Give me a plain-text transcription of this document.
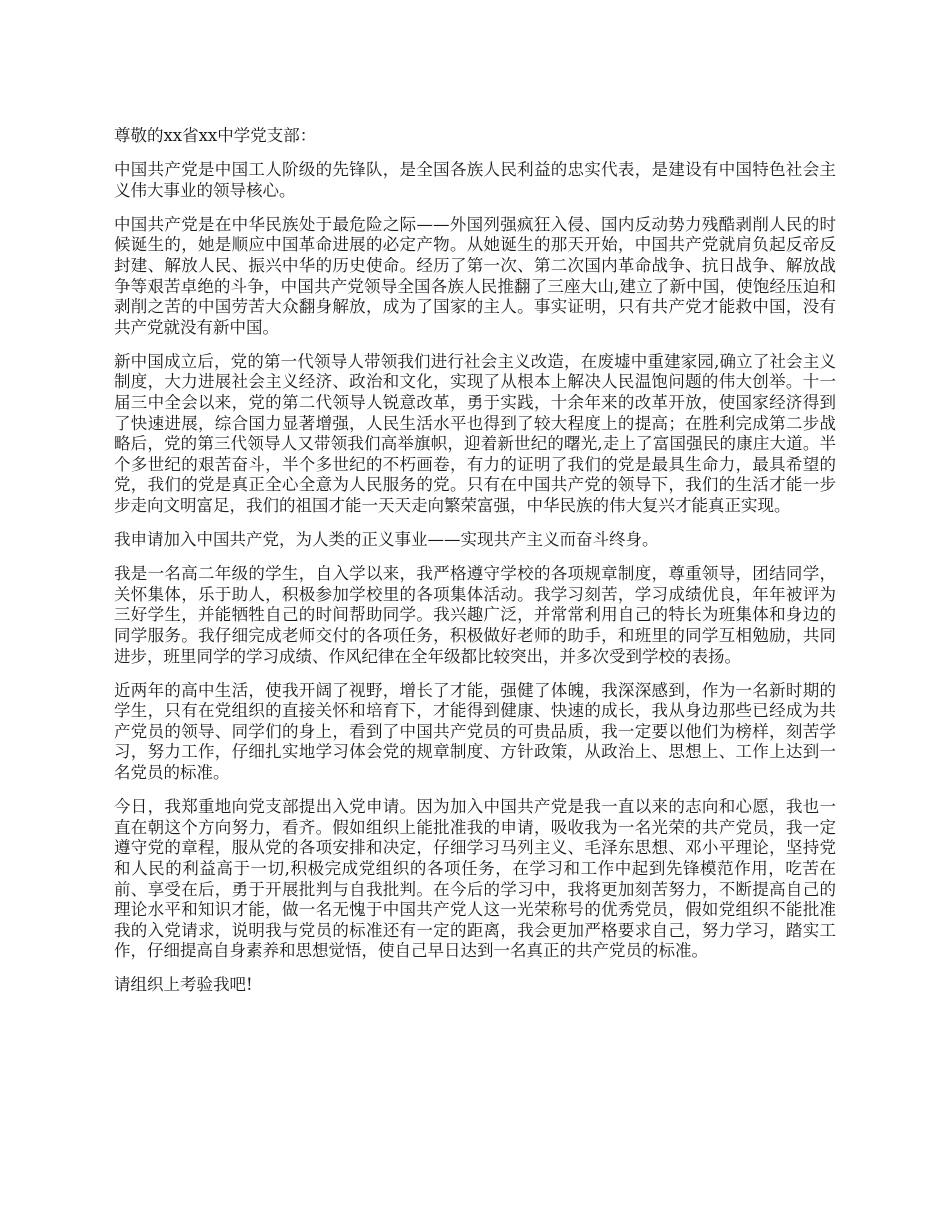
尊敬的xx省xx中学党支部：

中国共产党是中国工人阶级的先锋队，是全国各族人民利益的忠实代表，是建设有中国特色社会主义伟大事业的领导核心。

中国共产党是在中华民族处于最危险之际——外国列强疯狂入侵、国内反动势力残酷剥削人民的时候诞生的，她是顺应中国革命进展的必定产物。从她诞生的那天开始，中国共产党就肩负起反帝反封建、解放人民、振兴中华的历史使命。经历了第一次、第二次国内革命战争、抗日战争、解放战争等艰苦卓绝的斗争，中国共产党领导全国各族人民推翻了三座大山,建立了新中国，使饱经压迫和剥削之苦的中国劳苦大众翻身解放，成为了国家的主人。事实证明，只有共产党才能救中国，没有共产党就没有新中国。

新中国成立后，党的第一代领导人带领我们进行社会主义改造，在废墟中重建家园,确立了社会主义制度，大力进展社会主义经济、政治和文化，实现了从根本上解决人民温饱问题的伟大创举。十一届三中全会以来，党的第二代领导人锐意改革，勇于实践，十余年来的改革开放，使国家经济得到了快速进展，综合国力显著增强，人民生活水平也得到了较大程度上的提高；在胜利完成第二步战略后，党的第三代领导人又带领我们高举旗帜，迎着新世纪的曙光,走上了富国强民的康庄大道。半个多世纪的艰苦奋斗，半个多世纪的不朽画卷，有力的证明了我们的党是最具生命力，最具希望的党，我们的党是真正全心全意为人民服务的党。只有在中国共产党的领导下，我们的生活才能一步步走向文明富足，我们的祖国才能一天天走向繁荣富强，中华民族的伟大复兴才能真正实现。

我申请加入中国共产党，为人类的正义事业——实现共产主义而奋斗终身。

我是一名高二年级的学生，自入学以来，我严格遵守学校的各项规章制度，尊重领导，团结同学，关怀集体，乐于助人，积极参加学校里的各项集体活动。我学习刻苦，学习成绩优良，年年被评为三好学生，并能牺牲自己的时间帮助同学。我兴趣广泛，并常常利用自己的特长为班集体和身边的同学服务。我仔细完成老师交付的各项任务，积极做好老师的助手，和班里的同学互相勉励，共同进步，班里同学的学习成绩、作风纪律在全年级都比较突出，并多次受到学校的表扬。

近两年的高中生活，使我开阔了视野，增长了才能，强健了体魄，我深深感到，作为一名新时期的学生，只有在党组织的直接关怀和培育下，才能得到健康、快速的成长，我从身边那些已经成为共产党员的领导、同学们的身上，看到了中国共产党员的可贵品质，我一定要以他们为榜样，刻苦学习，努力工作，仔细扎实地学习体会党的规章制度、方针政策，从政治上、思想上、工作上达到一名党员的标准。

今日，我郑重地向党支部提出入党申请。因为加入中国共产党是我一直以来的志向和心愿，我也一直在朝这个方向努力，看齐。假如组织上能批准我的申请，吸收我为一名光荣的共产党员，我一定遵守党的章程，服从党的各项安排和决定，仔细学习马列主义、毛泽东思想、邓小平理论，坚持党和人民的利益高于一切,积极完成党组织的各项任务，在学习和工作中起到先锋模范作用，吃苦在前、享受在后，勇于开展批判与自我批判。在今后的学习中，我将更加刻苦努力，不断提高自己的理论水平和知识才能，做一名无愧于中国共产党人这一光荣称号的优秀党员，假如党组织不能批准我的入党请求，说明我与党员的标准还有一定的距离，我会更加严格要求自己，努力学习，踏实工作，仔细提高自身素养和思想觉悟，使自己早日达到一名真正的共产党员的标准。

请组织上考验我吧!
